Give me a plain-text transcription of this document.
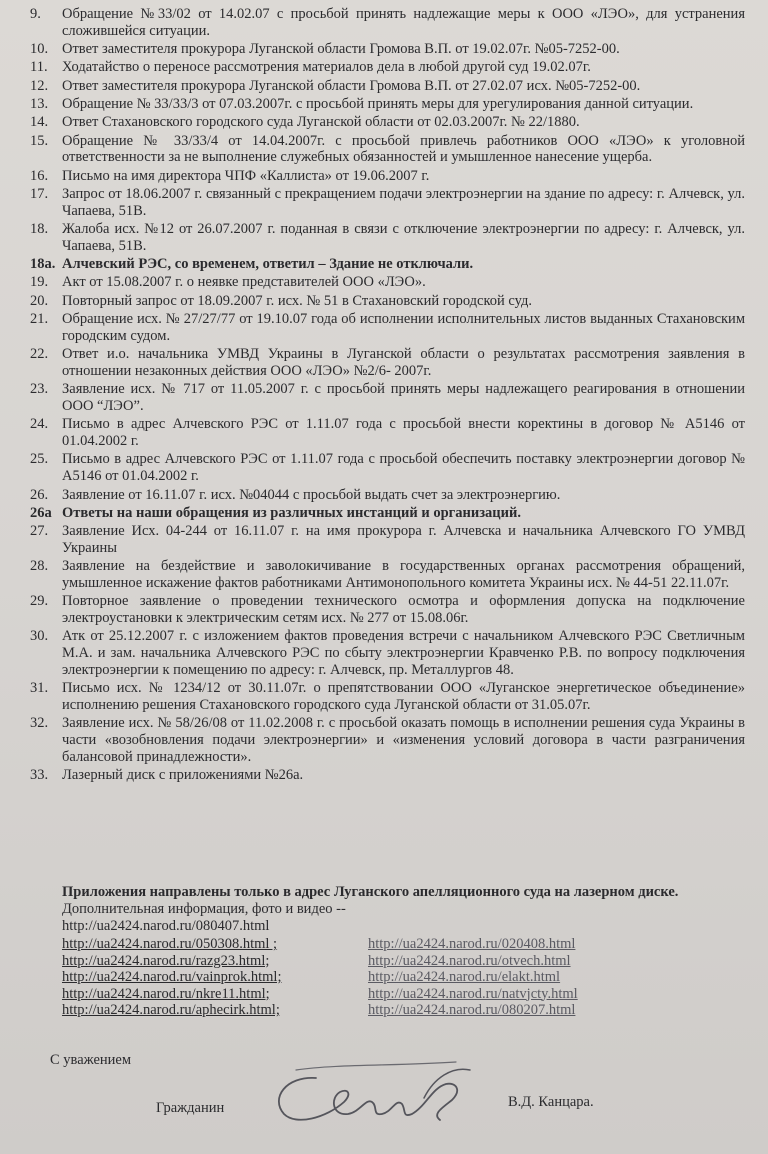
9. Обращение №33/02 от 14.02.07 с просьбой принять надлежащие меры к ООО «ЛЭО», для устранения сложившейся ситуации.
10. Ответ заместителя прокурора Луганской области Громова В.П. от 19.02.07г. №05-7252-00.
11. Ходатайство о переносе рассмотрения материалов дела в любой другой суд 19.02.07г.
12. Ответ заместителя прокурора Луганской области Громова В.П. от 27.02.07 исх. №05-7252-00.
13. Обращение № 33/33/3 от 07.03.2007г. с просьбой принять меры для урегулирования данной ситуации.
14. Ответ Стахановского городского суда Луганской области от 02.03.2007г. № 22/1880.
15. Обращение № 33/33/4 от 14.04.2007г. с просьбой привлечь работников ООО «ЛЭО» к уголовной ответственности за не выполнение служебных обязанностей и умышленное нанесение ущерба.
16. Письмо на имя директора ЧПФ «Каллиста» от 19.06.2007 г.
17. Запрос от 18.06.2007 г. связанный с прекращением подачи электроэнергии на здание по адресу: г. Алчевск, ул. Чапаева, 51В.
18. Жалоба исх. №12 от 26.07.2007 г. поданная в связи с отключение электроэнергии по адресу: г. Алчевск, ул. Чапаева, 51В.
18а. Алчевский РЭС, со временем, ответил – Здание не отключали.
19. Акт от 15.08.2007 г. о неявке представителей ООО «ЛЭО».
20. Повторный запрос от 18.09.2007 г. исх. № 51 в Стахановский городской суд.
21. Обращение исх. № 27/27/77 от 19.10.07 года об исполнении исполнительных листов выданных Стахановским городским судом.
22. Ответ и.о. начальника УМВД Украины в Луганской области о результатах рассмотрения заявления в отношении незаконных действия ООО «ЛЭО» №2/6- 2007г.
23. Заявление исх. № 717 от 11.05.2007 г. с просьбой принять меры надлежащего реагирования в отношении ООО “ЛЭО”.
24. Письмо в адрес Алчевского РЭС от 1.11.07 года с просьбой внести коректины в договор № А5146 от 01.04.2002 г.
25. Письмо в адрес Алчевского РЭС от 1.11.07 года с просьбой обеспечить поставку электроэнергии договор № А5146 от 01.04.2002 г.
26. Заявление от 16.11.07 г. исх. №04044 с просьбой выдать счет за электроэнергию.
26а Ответы на наши обращения из различных инстанций и организаций.
27. Заявление Исх. 04-244 от 16.11.07 г. на имя прокурора г. Алчевска и начальника Алчевского ГО УМВД Украины
28. Заявление на бездействие и заволокичивание в государственных органах рассмотрения обращений, умышленное искажение фактов работниками Антимонопольного комитета Украины исх. № 44-51 22.11.07г.
29. Повторное заявление о проведении технического осмотра и оформления допуска на подключение электроустановки к электрическим сетям исх. № 277 от 15.08.06г.
30. Атк от 25.12.2007 г. с изложением фактов проведения встречи с начальником Алчевского РЭС Светличным М.А. и зам. начальника Алчевского РЭС по сбыту электроэнергии Кравченко Р.В. по вопросу подключения электроэнергии к помещению по адресу: г. Алчевск, пр. Металлургов 48.
31. Письмо исх. № 1234/12 от 30.11.07г. о препятствовании ООО «Луганское энергетическое объединение» исполнению решения Стахановского городского суда Луганской области от 31.05.07г.
32. Заявление исх. № 58/26/08 от 11.02.2008 г. с просьбой оказать помощь в исполнении решения суда Украины в части «возобновления подачи электроэнергии» и «изменения условий договора в части разграничения балансовой принадлежности».
33. Лазерный диск с приложениями №26а.
Приложения направлены только в адрес Луганского апелляционного суда на лазерном диске.
Дополнительная информация, фото и видео --
http://ua2424.narod.ru/080407.html
http://ua2424.narod.ru/050308.html ;	http://ua2424.narod.ru/020408.html
http://ua2424.narod.ru/razg23.html;	http://ua2424.narod.ru/otvech.html
http://ua2424.narod.ru/vainprok.html;	http://ua2424.narod.ru/elakt.html
http://ua2424.narod.ru/nkre11.html;	http://ua2424.narod.ru/natvjcty.html
http://ua2424.narod.ru/aphecirk.html;	http://ua2424.narod.ru/080207.html
С уважением
Гражданин	В.Д. Канцара.
